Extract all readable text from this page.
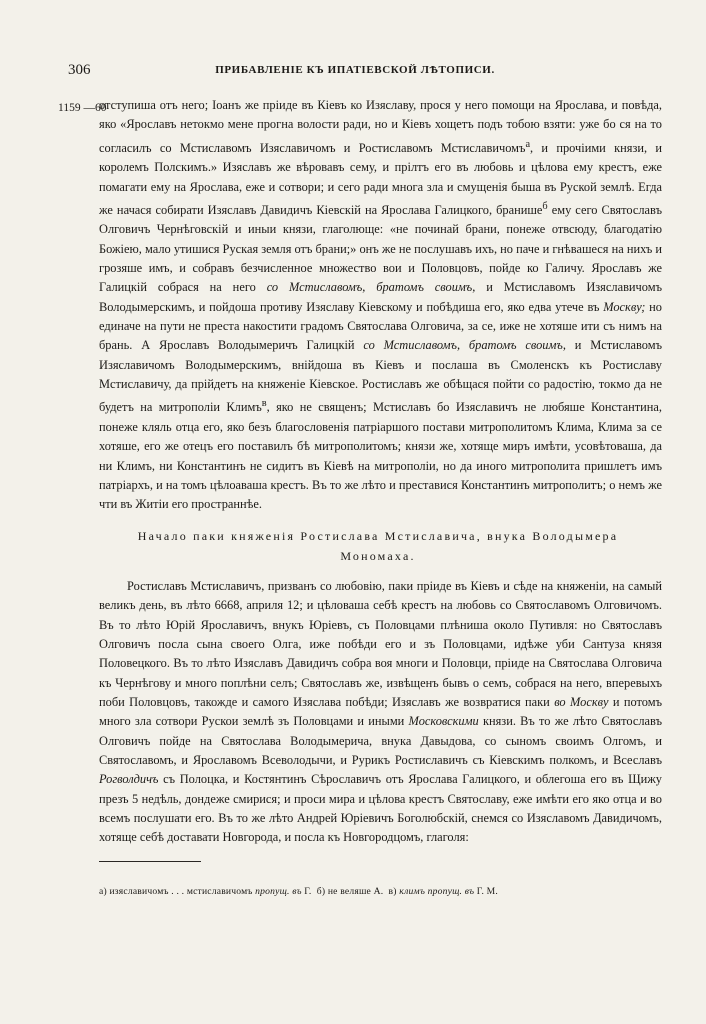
306	ПРИБАВЛЕНІЕ КЪ ИПАТІЕВСКОЙ ЛѢТОПИСИ.
1159 —60
отступиша отъ него; Іоанъ же пріиде въ Кіевъ ко Изяславу, прося у него помощи на Ярослава, и повѣда, яко «Ярославъ нетокмо мене прогна волости ради, но и Кіевъ хощетъ подъ тобою взяти: уже бо ся на то согласилъ со Мстиславомъ Изяславичомъ и Ростиславомъ Мстиславичомъ$^а$, и прочіими князи, и королемъ Полскимъ.» Изяславъ же вѣровавъ сему, и прілтъ его въ любовь и цѣлова ему крестъ, еже помагати ему на Ярослава, еже и сотвори; и сего ради многа зла и смущенія бышa въ Руской землѣ. Егда же начася собирати Изяславъ Давидичъ Кіевскій на Ярослава Галицкого, бранише$^б$ ему сего Святославъ Олговичъ Чернѣговскій и иныи князи, глаголюще: «не починай брани, понеже отвсюду, благодатію Божіею, мало утишися Руская земля отъ брани;» онъ же не послушавъ ихъ, но паче и гнѣвашеся на нихъ и грозяше имъ, и собравъ безчисленное множество вои и Половцовъ, пойде ко Галичу. Ярославъ же Галицкій собрася на него со Мстиславомъ, братомъ своимъ, и Мстиславомъ Изяславичомъ Володымерскимъ, и пойдоша противу Изяславу Кіевскому и побѣдиша его, яко едва утече въ Москву; но единаче на пути не преста накостити градомъ Святослава Олговича, за се, иже не хотяше ити съ нимъ на брань. А Ярославъ Володымеричъ Галицкій со Мстиславомъ, братомъ своимъ, и Мстиславомъ Изяславичомъ Володымерскимъ, внійдоша въ Кіевъ и послаша въ Смоленскъ къ Ростиславу Мстиславичу, да прійдетъ на княженіе Кіевское. Ростиславъ же обѣщася пойти со радостію, токмо да не будетъ на митрополіи Климъ$^в$, яко не священъ; Мстиславъ бо Изяславичъ не любяше Константина, понеже кляль отца его, яко безъ благословенія патріаршого постави митрополитомъ Клима, Клима за се хотяше, его же отецъ его поставилъ бѣ митрополитомъ; князи же, хотяще миръ имѣти, усовѣтоваша, да ни Климъ, ни Константинъ не сидитъ въ Кіевѣ на митрополіи, но да иного митрополита пришлетъ имъ патріархъ, и на томъ цѣлоaваша крестъ. Въ то же лѣто и преставися Константинъ митрополитъ; о немъ же чти въ Житіи его пространнѣе.
Начало паки княженія Ростислава Мстиславича, внука Володымера
Мономаха.
Ростиславъ Мстиславичъ, призванъ со любовію, паки пріиде въ Кіевъ и сѣде на княженіи, на самый великъ день, въ лѣто 6668, априля 12; и цѣловаша себѣ крестъ на любовь со Святославомъ Олговичомъ. Въ то лѣто Юрій Ярославичъ, внукъ Юріевъ, съ Половцами плѣниша около Путивля: но Святославъ Олговичъ посла сына своего Олга, иже побѣди его и зъ Половцами, идѣже уби Сантуза князя Половецкого. Въ то лѣто Изяславъ Давидичъ собра воя многи и Половци, пріиде на Святослава Олговича къ Чернѣгову и много поплѣни селъ; Святославъ же, извѣщенъ бывъ о семъ, собрася на него, вперевыхъ поби Половцовъ, такожде и самого Изяслава побѣди; Изяславъ же возвратися паки во Москву и потомъ много зла сотвори Рускои землѣ зъ Половцами и иными Московскими князи. Въ то же лѣто Святославъ Олговичъ пойде на Святослава Володымерича, внука Давыдова, со сыномъ своимъ Олгомъ, и Святославомъ, и Ярославомъ Всеволодычи, и Рурикъ Ростиславичъ съ Кіевскимъ полкомъ, и Всеславъ Рогволдичъ съ Полоцка, и Костянтинъ Сѣрославичъ отъ Ярослава Галицкого, и облегоша его въ Щижу презъ 5 недѣль, дондеже смирися; и проси мира и цѣлова крестъ Святославу, еже имѣти его яко отца и во всемъ послушати его. Въ то же лѣто Андрей Юріевичъ Боголюбскій, снемся со Изяславомъ Давидичомъ, хотяще себѣ доставати Новгорода, и посла къ Новгородцомъ, глаголя:
а) изяславичомъ . . . мстиславичомъ пропущ. въ Г. б) не веляше А. в) климъ пропущ. въ Г. М.
